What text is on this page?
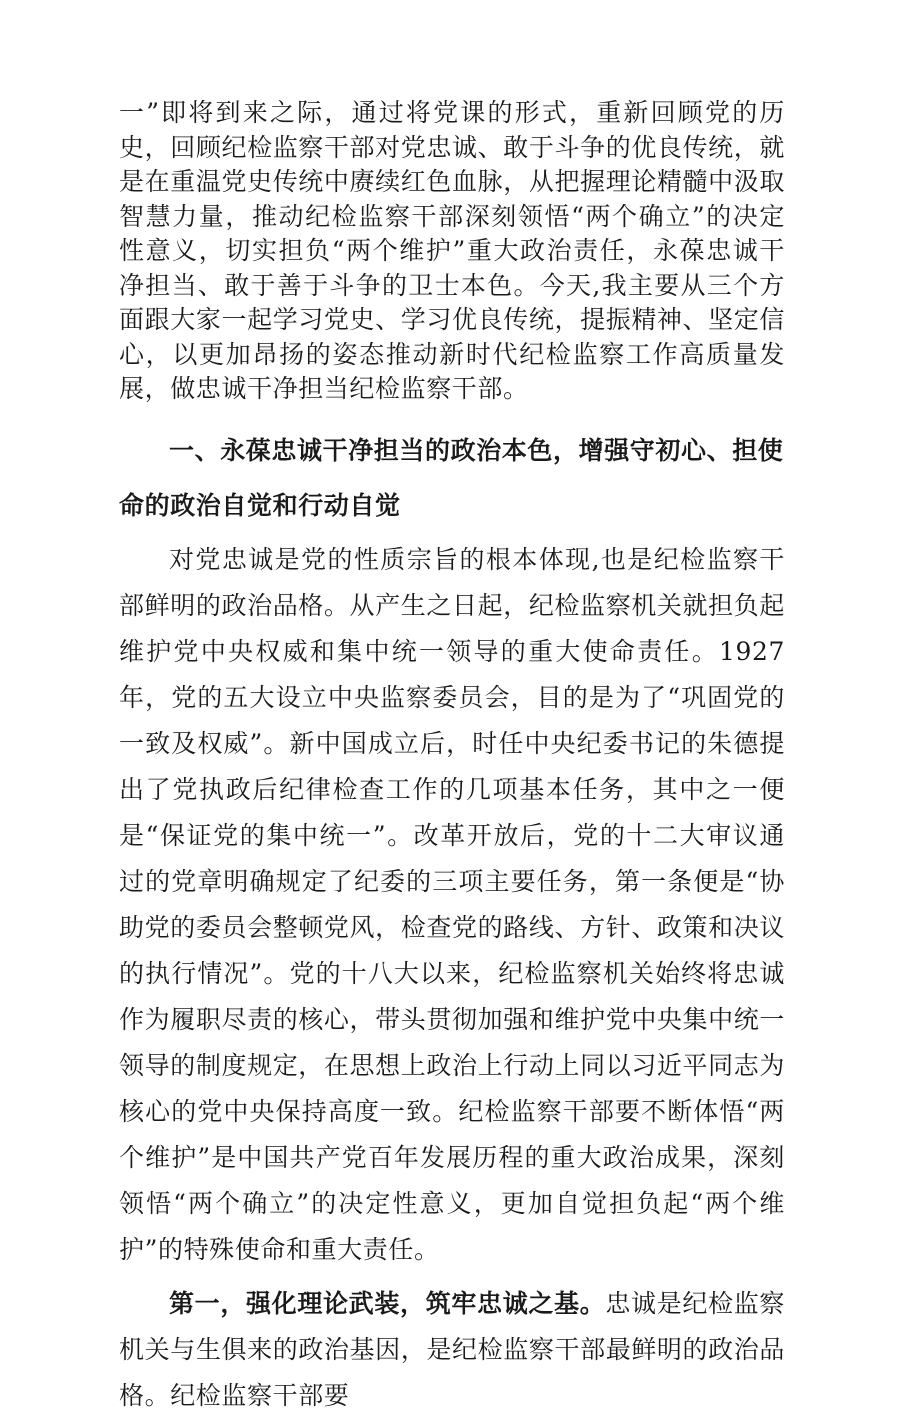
一”即将到来之际，通过将党课的形式，重新回顾党的历史，回顾纪检监察干部对党忠诚、敢于斗争的优良传统，就是在重温党史传统中赓续红色血脉，从把握理论精髓中汲取智慧力量，推动纪检监察干部深刻领悟“两个确立”的决定性意义，切实担负“两个维护”重大政治责任，永葆忠诚干净担当、敢于善于斗争的卫士本色。今天,我主要从三个方面跟大家一起学习党史、学习优良传统，提振精神、坚定信心，以更加昂扬的姿态推动新时代纪检监察工作高质量发展，做忠诚干净担当纪检监察干部。

一、永葆忠诚干净担当的政治本色，增强守初心、担使命的政治自觉和行动自觉

对党忠诚是党的性质宗旨的根本体现,也是纪检监察干部鲜明的政治品格。从产生之日起，纪检监察机关就担负起维护党中央权威和集中统一领导的重大使命责任。1927年，党的五大设立中央监察委员会，目的是为了“巩固党的一致及权威”。新中国成立后，时任中央纪委书记的朱德提出了党执政后纪律检查工作的几项基本任务，其中之一便是“保证党的集中统一”。改革开放后，党的十二大审议通过的党章明确规定了纪委的三项主要任务，第一条便是“协助党的委员会整顿党风，检查党的路线、方针、政策和决议的执行情况”。党的十八大以来，纪检监察机关始终将忠诚作为履职尽责的核心，带头贯彻加强和维护党中央集中统一领导的制度规定，在思想上政治上行动上同以习近平同志为核心的党中央保持高度一致。纪检监察干部要不断体悟“两个维护”是中国共产党百年发展历程的重大政治成果，深刻领悟“两个确立”的决定性意义，更加自觉担负起“两个维护”的特殊使命和重大责任。

第一，强化理论武装，筑牢忠诚之基。忠诚是纪检监察机关与生俱来的政治基因，是纪检监察干部最鲜明的政治品格。纪检监察干部要
